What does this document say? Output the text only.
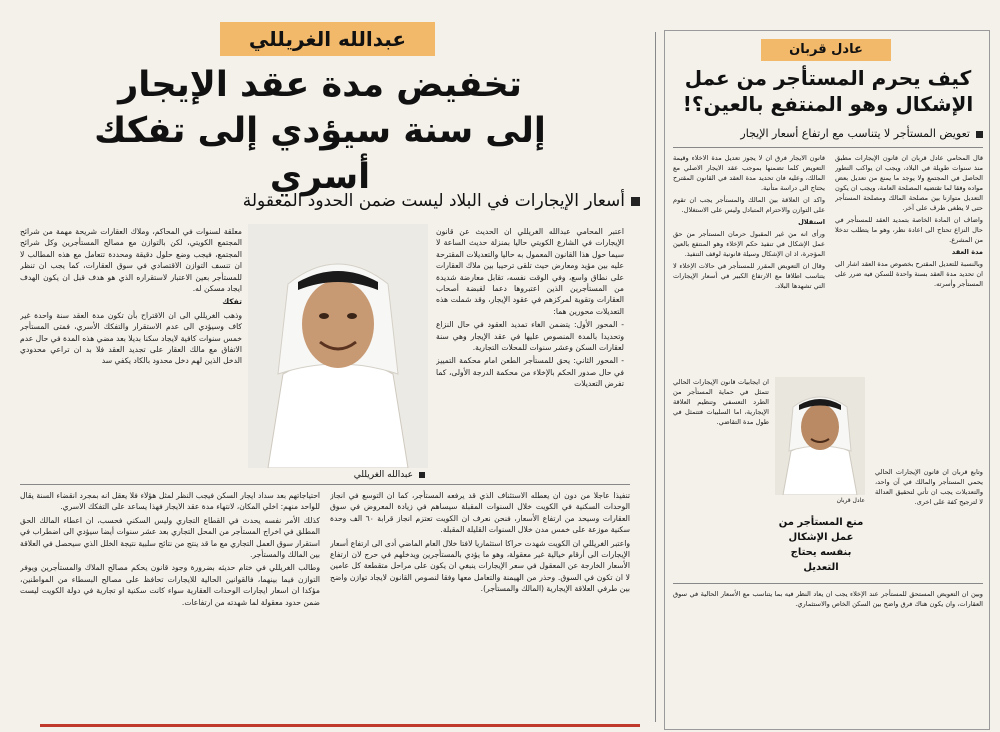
عبدالله الغريللي
تخفيض مدة عقد الإيجار
إلى سنة سيؤدي إلى تفكك أسري
أسعار الإيجارات في البلاد ليست ضمن الحدود المعقولة

اعتبر المحامي عبدالله الغريللي ان الحديث عن قانون الإيجارات في الشارع الكويتي حاليا بمنزلة حديث الساعة لا سيما حول هذا القانون المعمول به حاليا والتعديلات المقترحة عليه بين مؤيد ومعارض حيث تلقى ترحيبا بين ملاك العقارات على نطاق واسع، وفي الوقت نفسه، تقابل معارضة شديدة من المستأجرين الذين اعتبروها دعما لقبضة أصحاب العقارات وتقوية لمركزهم في عقود الإيجار، وقد شملت هذه التعديلات محورين هما:

- المحور الأول: يتضمن الغاء تمديد العقود في حال النزاع وتحديدا بالمدة المنصوص عليها في عقد الإيجار وهي سنة لعقارات السكن وعشر سنوات للمحلات التجارية.

- المحور الثاني: يحق للمستأجر الطعن امام محكمة التمييز في حال صدور الحكم بالإخلاء من محكمة الدرجة الأولى، كما تفرض التعديلات

عبدالله الغريللي

معلقة لسنوات في المحاكم، وملاك العقارات شريحة مهمة من شرائح المجتمع الكويتي، لكن بالتوازن مع مصالح المستأجرين وكل شرائح المجتمع، فيجب وضع حلول دقيقة ومحددة تتعامل مع هذه المطالب لا ان تنسف التوازن الاقتصادي في سوق العقارات، كما يجب ان تنظر للمستأجر بعين الاعتبار لاستقراره الذي هو هدف قبل ان يكون الهدف ايجاد مسكن له.

تفكك

وذهب الغريللي الى ان الاقتراح بأن تكون مدة العقد سنة واحدة غير كاف وسيؤدي الى عدم الاستقرار والتفكك الأسري، فمتى المستأجر خمس سنوات كافية لايجاد سكنا بديلا بعد مضي هذه المدة في حال عدم الاتفاق مع مالك العقار على تجديد العقد فلا بد ان تراعي محدودي الدخل الذين لهم دخل محدود بالكاد يكفي سد

تنفيذا عاجلا من دون ان يعطله الاستئناف الذي قد يرفعه المستأجر، كما ان التوسع في انجاز الوحدات السكنية في الكويت خلال السنوات المقبلة سيساهم في زيادة المعروض في سوق العقارات وسيحد من ارتفاع الأسعار، فنحن نعرف ان الكويت تعتزم انجاز قرابة ٦٠ الف وحدة سكنية موزعة على خمس مدن خلال السنوات القليلة المقبلة.

واعتبر الغريللي ان الكويت شهدت حراكا استثماريا لافتا خلال العام الماضي أدى الى ارتفاع أسعار الإيجارات الى أرقام خيالية غير معقولة، وهو ما يؤدي بالمستأجرين ويدخلهم في حرج لان ارتفاع الأسعار الخارجة عن المعقول في سعر الإيجارات ينبغي ان يكون على مراحل متقطعة كل عامين لا ان تكون في السوق. وحذر من الهيمنة والتعامل معها وفقا لنصوص القانون لايجاد توازن واضح بين طرفي العلاقة الإيجارية (المالك والمستأجر).

احتياجاتهم بعد سداد ايجار السكن فيجب النظر لمثل هؤلاء فلا يعقل انه بمجرد انقضاء السنة يقال للواحد منهم: اخلي المكان، لانتهاء مدة عقد الايجار فهذا يساعد على التفكك الاسري.

كذلك الأمر نفسه يحدث في القطاع التجاري وليس السكني فحسب، ان اعطاء المالك الحق المطلق في اخراج المستأجر من المحل التجاري بعد عشر سنوات أيضا سيؤدي الى اضطراب في استقرار سوق العمل التجاري مع ما قد ينتج من نتائج سلبية نتيجة الخلل الذي سيحصل في العلاقة بين المالك والمستأجر.

وطالب الغريللي في ختام حديثه بضرورة وجود قانون يحكم مصالح الملاك والمستأجرين ويوفر التوازن فيما بينهما، فالقوانين الحالية للايجارات تحافظ على مصالح البسطاء من المواطنين، مؤكدا ان اسعار ايجارات الوحدات العقارية سواء كانت سكنية او تجارية في دولة الكويت ليست ضمن حدود معقولة لما شهدته من ارتفاعات.

عادل قربان
كيف يحرم المستأجر من عمل
الإشكال وهو المنتفع بالعين؟!
تعويض المستأجر لا يتناسب مع ارتفاع أسعار الإيجار

قال المحامي عادل قربان ان قانون الإيجارات مطبق منذ سنوات طويلة في البلاد، ويجب ان يواكب التطور الحاصل في المجتمع ولا يوجد ما يمنع من تعديل بعض مواده وفقا لما تقتضيه المصلحة العامة، ويجب ان يكون التعديل متوازنا بين مصلحة المالك ومصلحة المستأجر حتى لا يطغى طرف على آخر.

واضاف ان المادة الخاصة بتمديد العقد للمستأجر في حال النزاع تحتاج الى اعادة نظر، وهو ما يتطلب تدخلا من المشرع.

مدة العقد

وبالنسبة للتعديل المقترح بخصوص مدة العقد اشار الى ان تحديد مدة العقد بسنة واحدة للسكن فيه ضرر على المستأجر وأسرته.

قانون الايجار فرق ان لا يجوز تعديل مدة الاخلاء وقيمة التعويض كلما تضمنها بموجب عقد الايجار الاصلي مع المالك، وعليه فان تحديد مدة العقد في القانون المقترح يحتاج الى دراسة متأنية.

واكد ان العلاقة بين المالك والمستأجر يجب ان تقوم على التوازن والاحترام المتبادل وليس على الاستغلال.

استقلال

ورأى انه من غير المقبول حرمان المستأجر من حق عمل الإشكال في تنفيذ حكم الإخلاء وهو المنتفع بالعين المؤجرة، اذ ان الإشكال وسيلة قانونية لوقف التنفيذ.

وقال ان التعويض المقرر للمستأجر في حالات الإخلاء لا يتناسب اطلاقا مع الارتفاع الكبير في أسعار الإيجارات التي تشهدها البلاد.

عادل قربان
منع المستأجر من عمل الإشكال بنفسه يحتاج التعديل

وتابع قربان ان قانون الإيجارات الحالي يحمي المستأجر والمالك في آن واحد، والتعديلات يجب ان تأتي لتحقيق العدالة لا لترجيح كفة على اخرى.

ان ايجابيات قانون الإيجارات الحالي تتمثل في حماية المستأجر من الطرد التعسفي وتنظيم العلاقة الإيجارية، اما السلبيات فتتمثل في طول مدة التقاضي.

وبين ان التعويض المستحق للمستأجر عند الإخلاء يجب ان يعاد النظر فيه بما يتناسب مع الأسعار الحالية في سوق العقارات، وان يكون هناك فرق واضح بين السكن الخاص والاستثماري.
